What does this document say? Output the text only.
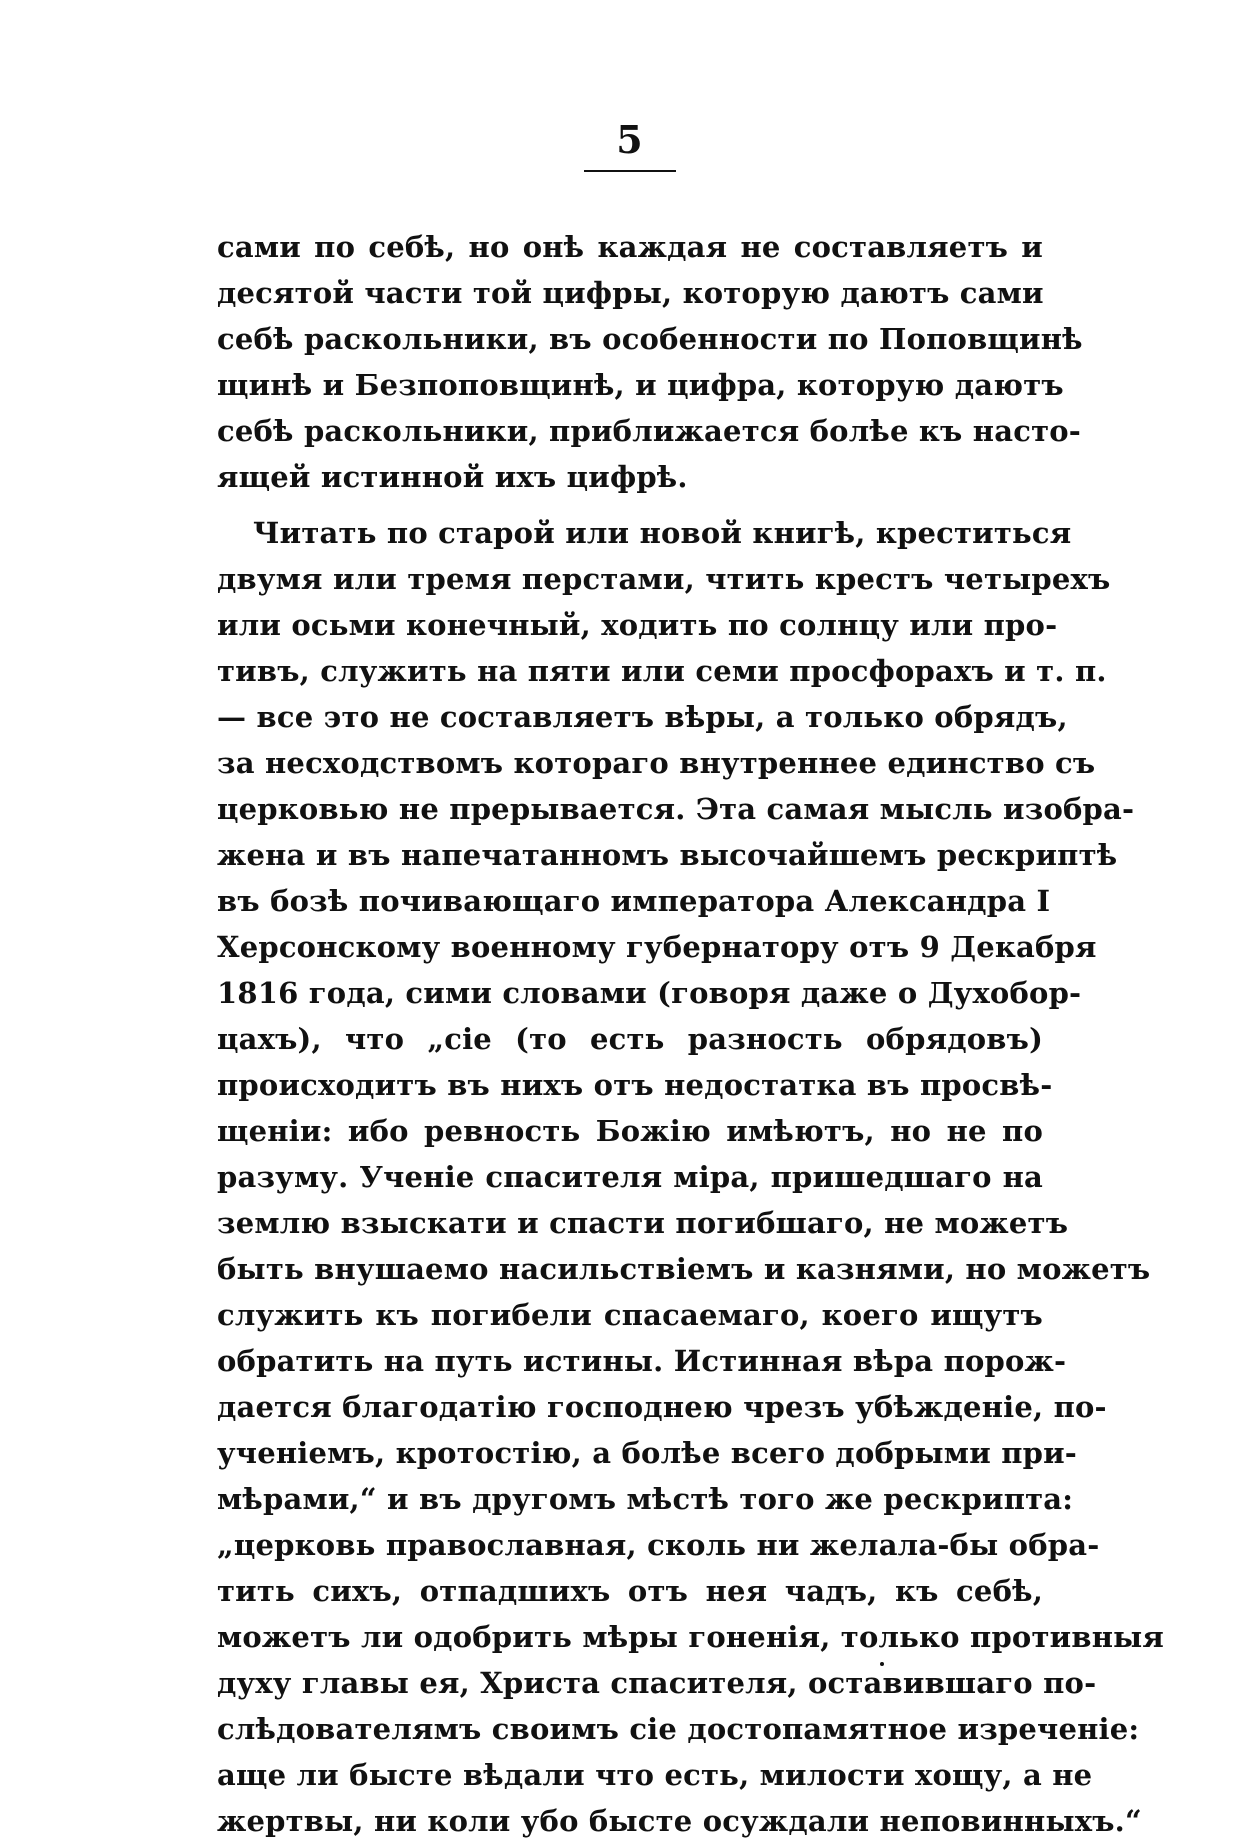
5
сами по себѣ, но онѣ каждая не составляетъ и
десятой части той цифры, которую даютъ сами
себѣ раскольники, въ особенности по Поповщинѣ
щинѣ и Безпоповщинѣ, и цифра, которую даютъ
себѣ раскольники, приближается болѣе къ насто-
ящей истинной ихъ цифрѣ.
Читать по старой или новой книгѣ, креститься
двумя или тремя перстами, чтить крестъ четырехъ
или осьми конечный, ходить по солнцу или про-
тивъ, служить на пяти или семи просфорахъ и т. п.
— все это не составляетъ вѣры, а только обрядъ,
за несходствомъ котораго внутреннее единство съ
церковью не прерывается. Эта самая мысль изобра-
жена и въ напечатанномъ высочайшемъ рескриптѣ
въ бозѣ почивающаго императора Александра I
Херсонскому военному губернатору отъ 9 Декабря
1816 года, сими словами (говоря даже о Духобор-
цахъ), что „сіе (то есть разность обрядовъ)
происходитъ въ нихъ отъ недостатка въ просвѣ-
щеніи: ибо ревность Божію имѣютъ, но не по
разуму. Ученіе спасителя міра, пришедшаго на
землю взыскати и спасти погибшаго, не можетъ
быть внушаемо насильствіемъ и казнями, но можетъ
служить къ погибели спасаемаго, коего ищутъ
обратить на путь истины. Истинная вѣра порож-
дается благодатію господнею чрезъ убѣжденіе, по-
ученіемъ, кротостію, а болѣе всего добрыми при-
мѣрами,“ и въ другомъ мѣстѣ того же рескрипта:
„церковь православная, сколь ни желала-бы обра-
тить сихъ, отпадшихъ отъ нея чадъ, къ себѣ,
можетъ ли одобрить мѣры гоненія, только противныя
духу главы ея, Христа спасителя, оставившаго по-
слѣдователямъ своимъ сіе достопамятное изреченіе:
аще ли бысте вѣдали что есть, милости хощу, а не
жертвы, ни коли убо бысте осуждали неповинныхъ.“
